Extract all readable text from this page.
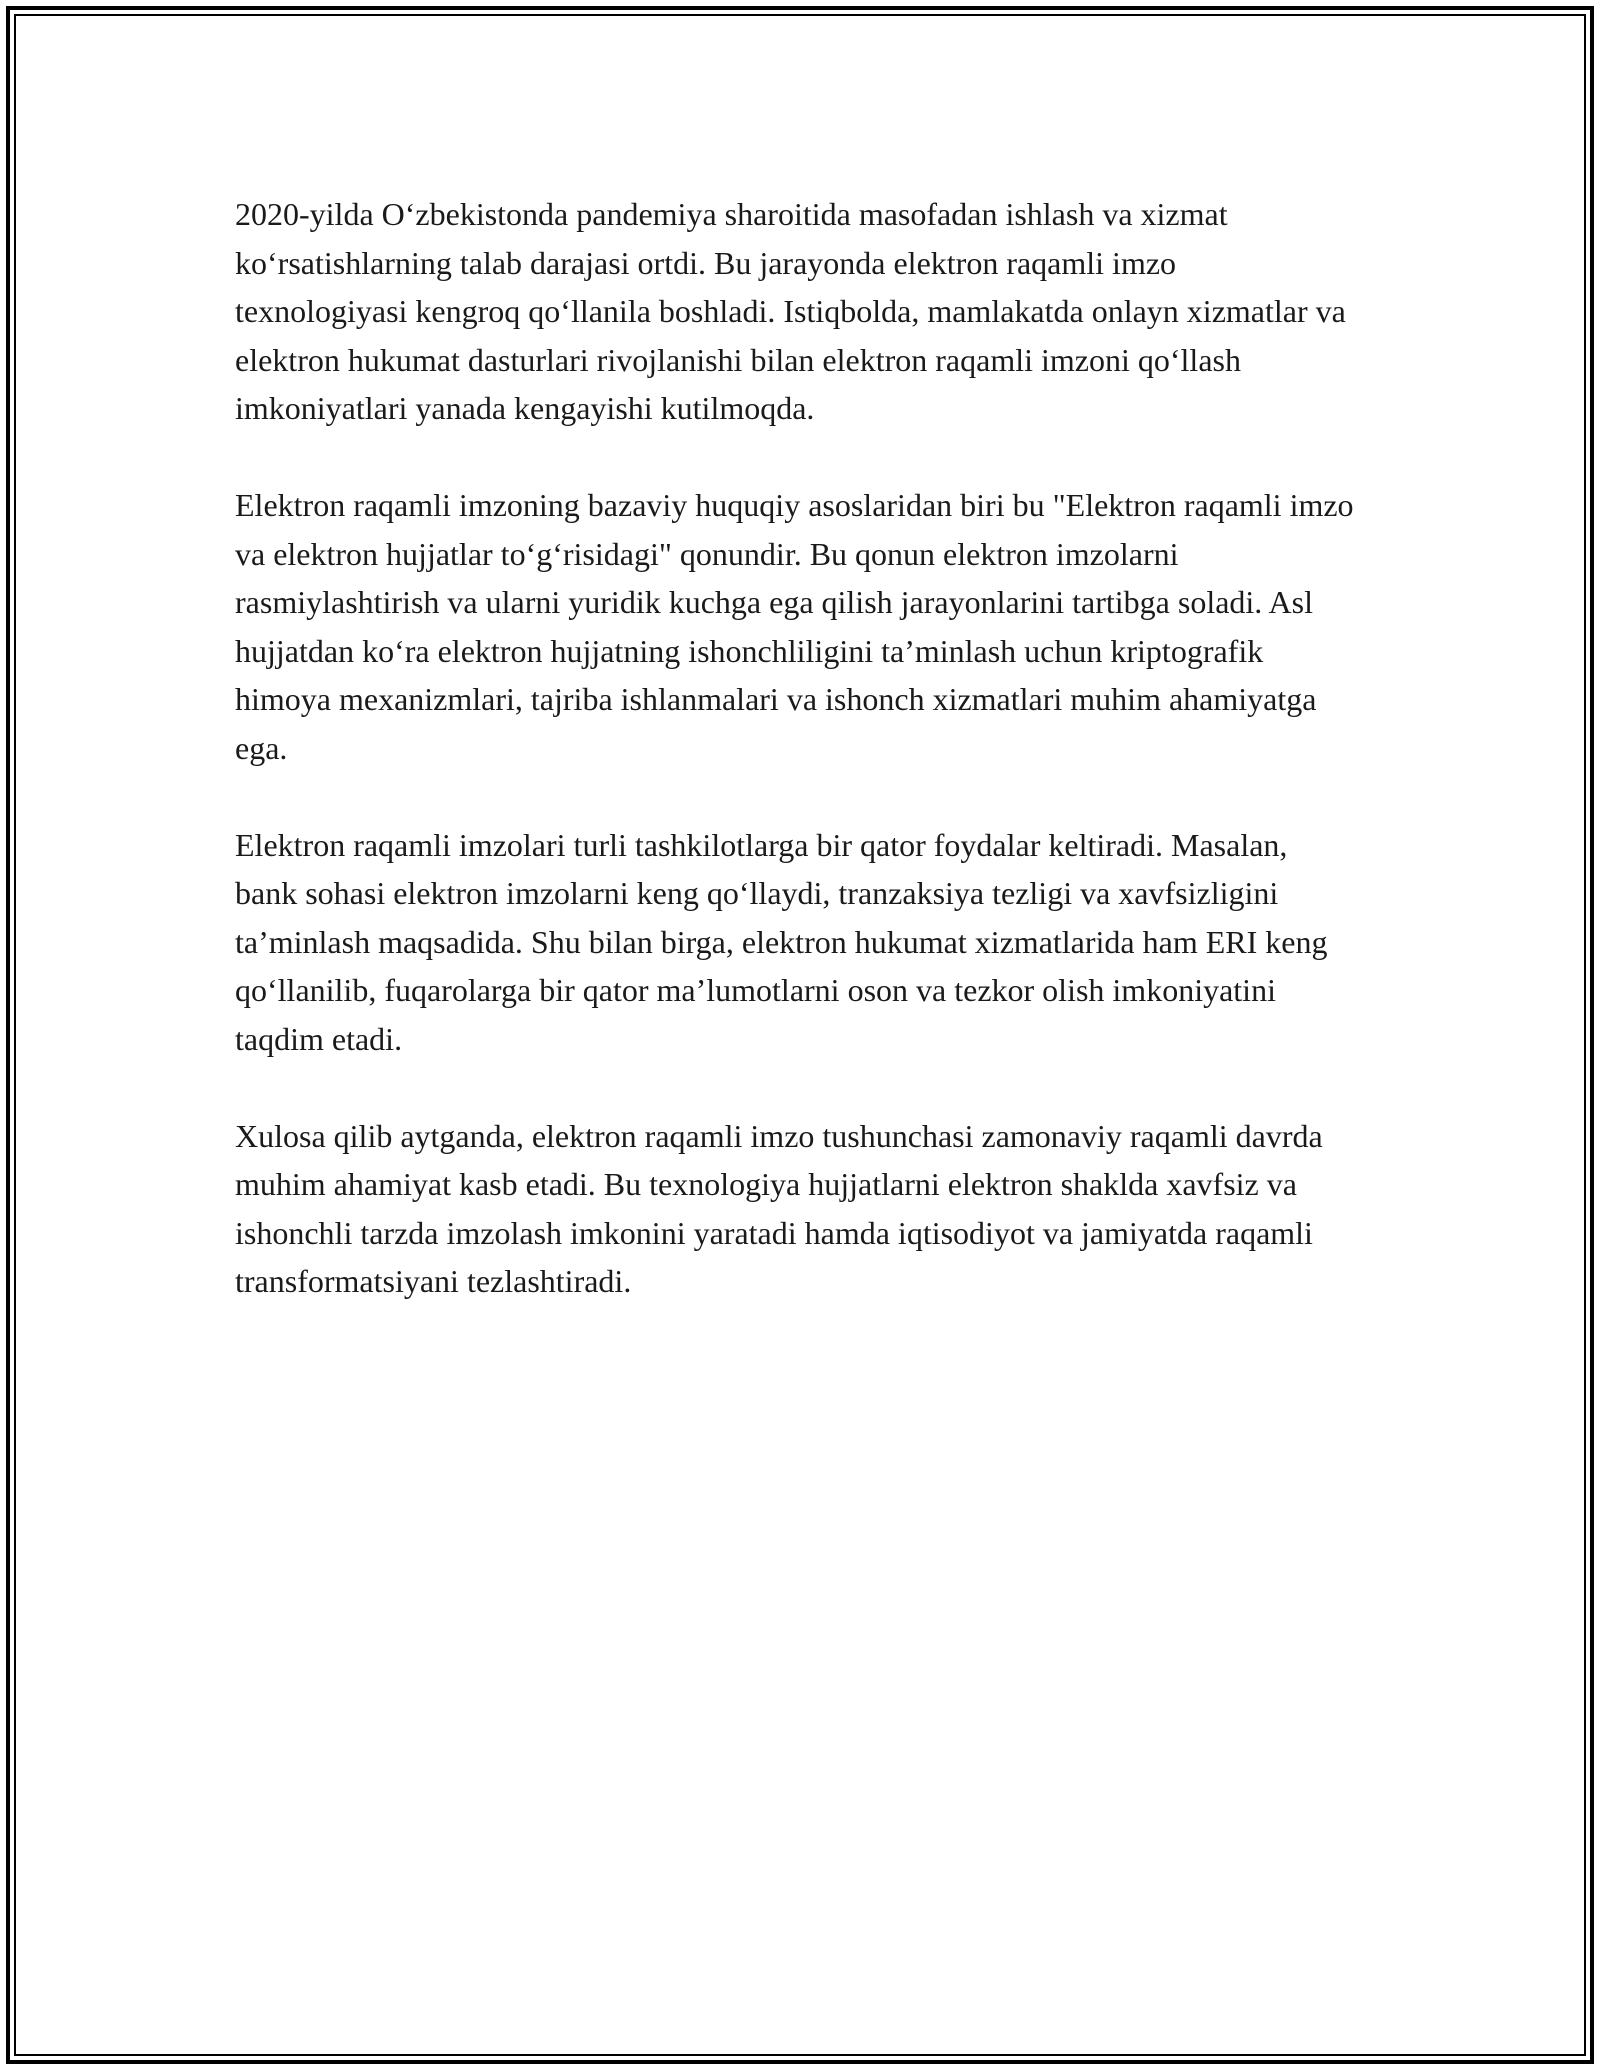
2020-yilda O‘zbekistonda pandemiya sharoitida masofadan ishlash va xizmat ko‘rsatishlarning talab darajasi ortdi. Bu jarayonda elektron raqamli imzo texnologiyasi kengroq qo‘llanila boshladi. Istiqbolda, mamlakatda onlayn xizmatlar va elektron hukumat dasturlari rivojlanishi bilan elektron raqamli imzoni qo‘llash imkoniyatlari yanada kengayishi kutilmoqda.

Elektron raqamli imzoning bazaviy huquqiy asoslaridan biri bu "Elektron raqamli imzo va elektron hujjatlar to‘g‘risidagi" qonundir. Bu qonun elektron imzolarni rasmiylashtirish va ularni yuridik kuchga ega qilish jarayonlarini tartibga soladi. Asl hujjatdan ko‘ra elektron hujjatning ishonchliligini ta’minlash uchun kriptografik himoya mexanizmlari, tajriba ishlanmalari va ishonch xizmatlari muhim ahamiyatga ega.

Elektron raqamli imzolari turli tashkilotlarga bir qator foydalar keltiradi. Masalan, bank sohasi elektron imzolarni keng qo‘llaydi, tranzaksiya tezligi va xavfsizligini ta’minlash maqsadida. Shu bilan birga, elektron hukumat xizmatlarida ham ERI keng qo‘llanilib, fuqarolarga bir qator ma’lumotlarni oson va tezkor olish imkoniyatini taqdim etadi.

Xulosa qilib aytganda, elektron raqamli imzo tushunchasi zamonaviy raqamli davrda muhim ahamiyat kasb etadi. Bu texnologiya hujjatlarni elektron shaklda xavfsiz va ishonchli tarzda imzolash imkonini yaratadi hamda iqtisodiyot va jamiyatda raqamli transformatsiyani tezlashtiradi.
